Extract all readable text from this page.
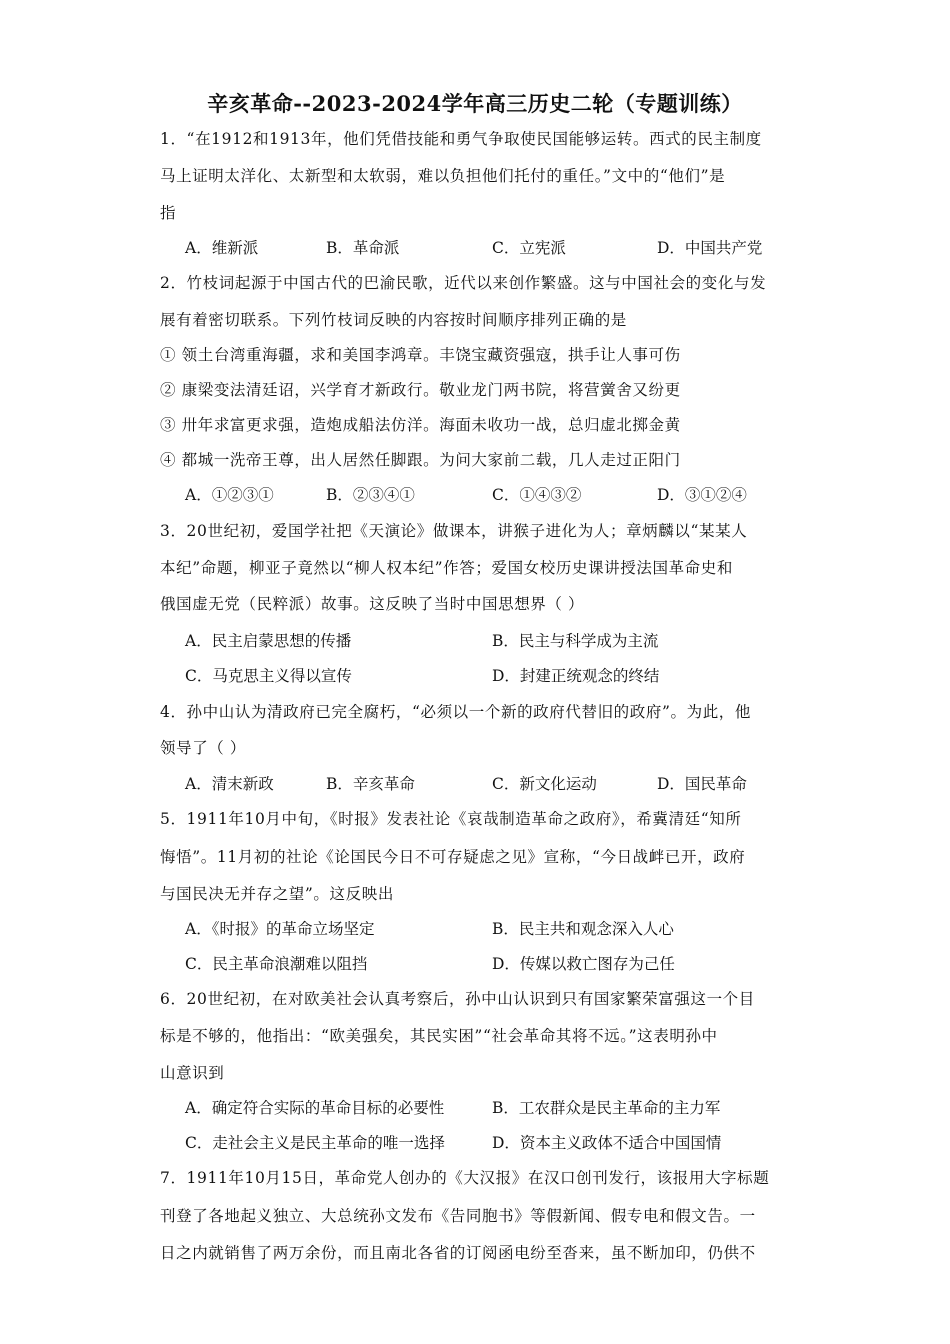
辛亥革命--2023-2024学年高三历史二轮（专题训练）
1．“在1912和1913年，他们凭借技能和勇气争取使民国能够运转。西式的民主制度
马上证明太洋化、太新型和太软弱，难以负担他们托付的重任。”文中的“他们”是
指
A．维新派	B．革命派	C．立宪派	D．中国共产党
2．竹枝词起源于中国古代的巴渝民歌，近代以来创作繁盛。这与中国社会的变化与发
展有着密切联系。下列竹枝词反映的内容按时间顺序排列正确的是
① 领土台湾重海疆，求和美国李鸿章。丰饶宝藏资强寇，拱手让人事可伤
② 康梁变法清廷诏，兴学育才新政行。敬业龙门两书院，将营黉舍又纷更
③ 卅年求富更求强，造炮成船法仿洋。海面未收功一战，总归虚北掷金黄
④ 都城一洗帝王尊，出人居然任脚跟。为问大家前二载，几人走过正阳门
A．①②③①	B．②③④①	C．①④③②	D．③①②④
3．20世纪初，爱国学社把《天演论》做课本，讲猴子进化为人；章炳麟以“某某人
本纪”命题，柳亚子竟然以“柳人权本纪”作答；爱国女校历史课讲授法国革命史和
俄国虚无党（民粹派）故事。这反映了当时中国思想界（ ）
A．民主启蒙思想的传播	B．民主与科学成为主流
C．马克思主义得以宣传	D．封建正统观念的终结
4．孙中山认为清政府已完全腐朽，“必须以一个新的政府代替旧的政府”。为此，他
领导了（ ）
A．清末新政	B．辛亥革命	C．新文化运动	D．国民革命
5．1911年10月中旬，《时报》发表社论《哀哉制造革命之政府》，希冀清廷“知所
悔悟”。11月初的社论《论国民今日不可存疑虑之见》宣称，“今日战衅已开，政府
与国民决无并存之望”。这反映出
A．《时报》的革命立场坚定	B．民主共和观念深入人心
C．民主革命浪潮难以阻挡	D．传媒以救亡图存为己任
6．20世纪初，在对欧美社会认真考察后，孙中山认识到只有国家繁荣富强这一个目
标是不够的，他指出：“欧美强矣，其民实困”“社会革命其将不远。”这表明孙中
山意识到
A．确定符合实际的革命目标的必要性	B．工农群众是民主革命的主力军
C．走社会主义是民主革命的唯一选择	D．资本主义政体不适合中国国情
7．1911年10月15日，革命党人创办的《大汉报》在汉口创刊发行，该报用大字标题
刊登了各地起义独立、大总统孙文发布《告同胞书》等假新闻、假专电和假文告。一
日之内就销售了两万余份，而且南北各省的订阅函电纷至沓来，虽不断加印，仍供不
